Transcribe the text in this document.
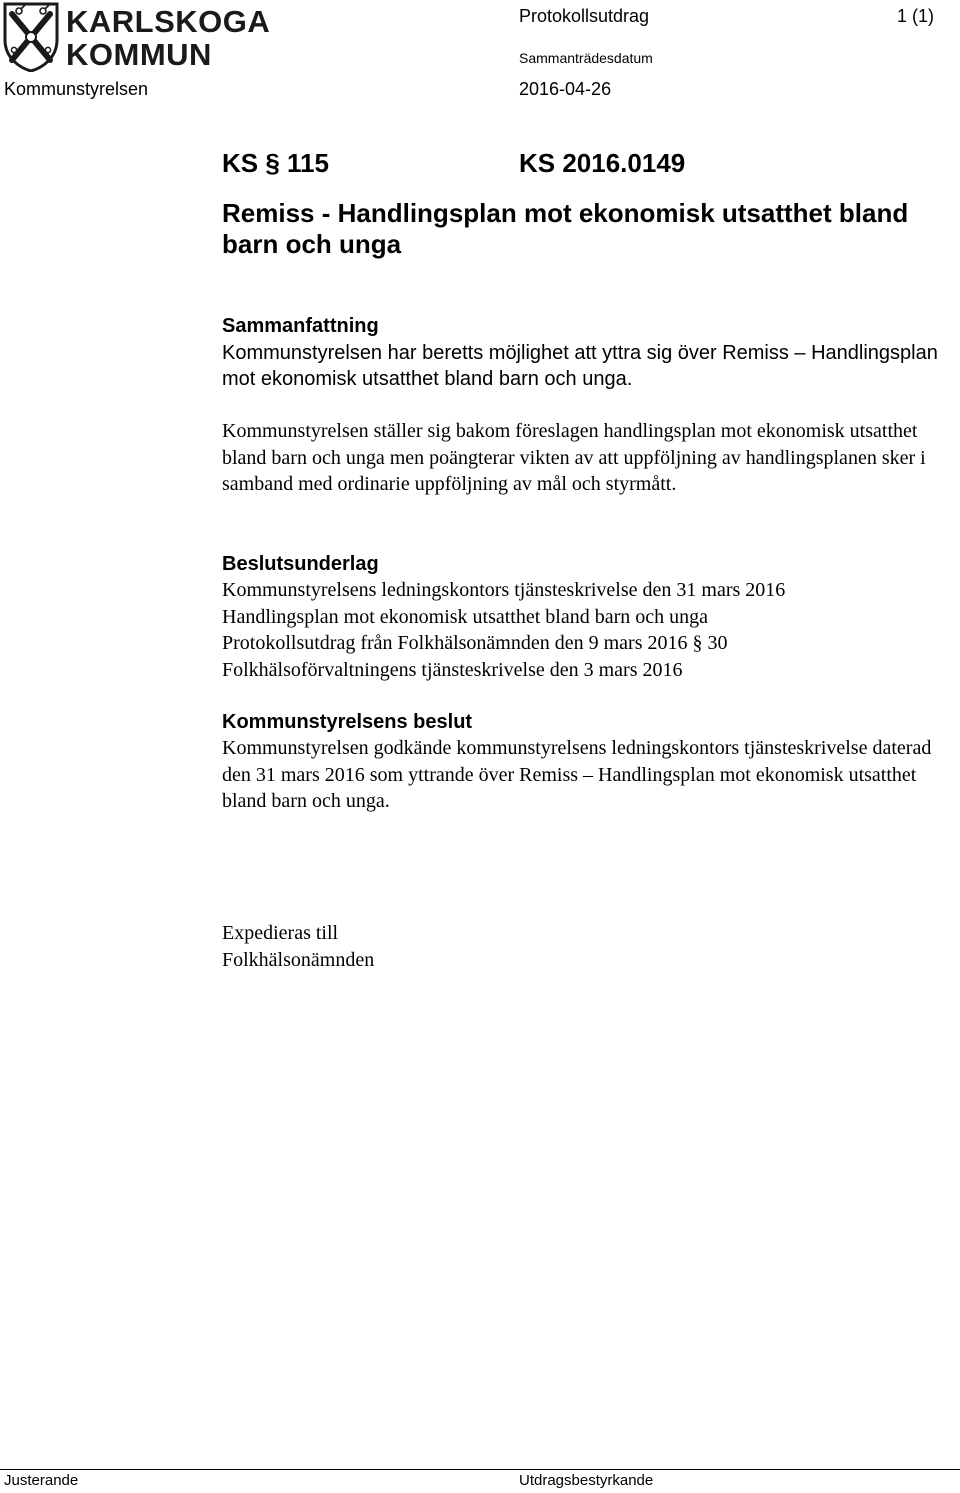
KARLSKOGA
KOMMUN
Protokollsutdrag	1 (1)
Sammanträdesdatum
Kommunstyrelsen	2016-04-26
KS § 115	KS 2016.0149
Remiss - Handlingsplan mot ekonomisk utsatthet bland barn och unga
Sammanfattning
Kommunstyrelsen har beretts möjlighet att yttra sig över Remiss – Handlingsplan mot ekonomisk utsatthet bland barn och unga.
Kommunstyrelsen ställer sig bakom föreslagen handlingsplan mot ekonomisk utsatthet bland barn och unga men poängterar vikten av att uppföljning av handlingsplanen sker i samband med ordinarie uppföljning av mål och styrmått.
Beslutsunderlag
Kommunstyrelsens ledningskontors tjänsteskrivelse den 31 mars 2016
Handlingsplan mot ekonomisk utsatthet bland barn och unga
Protokollsutdrag från Folkhälsonämnden den 9 mars 2016 § 30
Folkhälsoförvaltningens tjänsteskrivelse den 3 mars 2016
Kommunstyrelsens beslut
Kommunstyrelsen godkände kommunstyrelsens ledningskontors tjänsteskrivelse daterad den 31 mars 2016 som yttrande över Remiss – Handlingsplan mot ekonomisk utsatthet bland barn och unga.
Expedieras till
Folkhälsonämnden
Justerande	Utdragsbestyrkande
